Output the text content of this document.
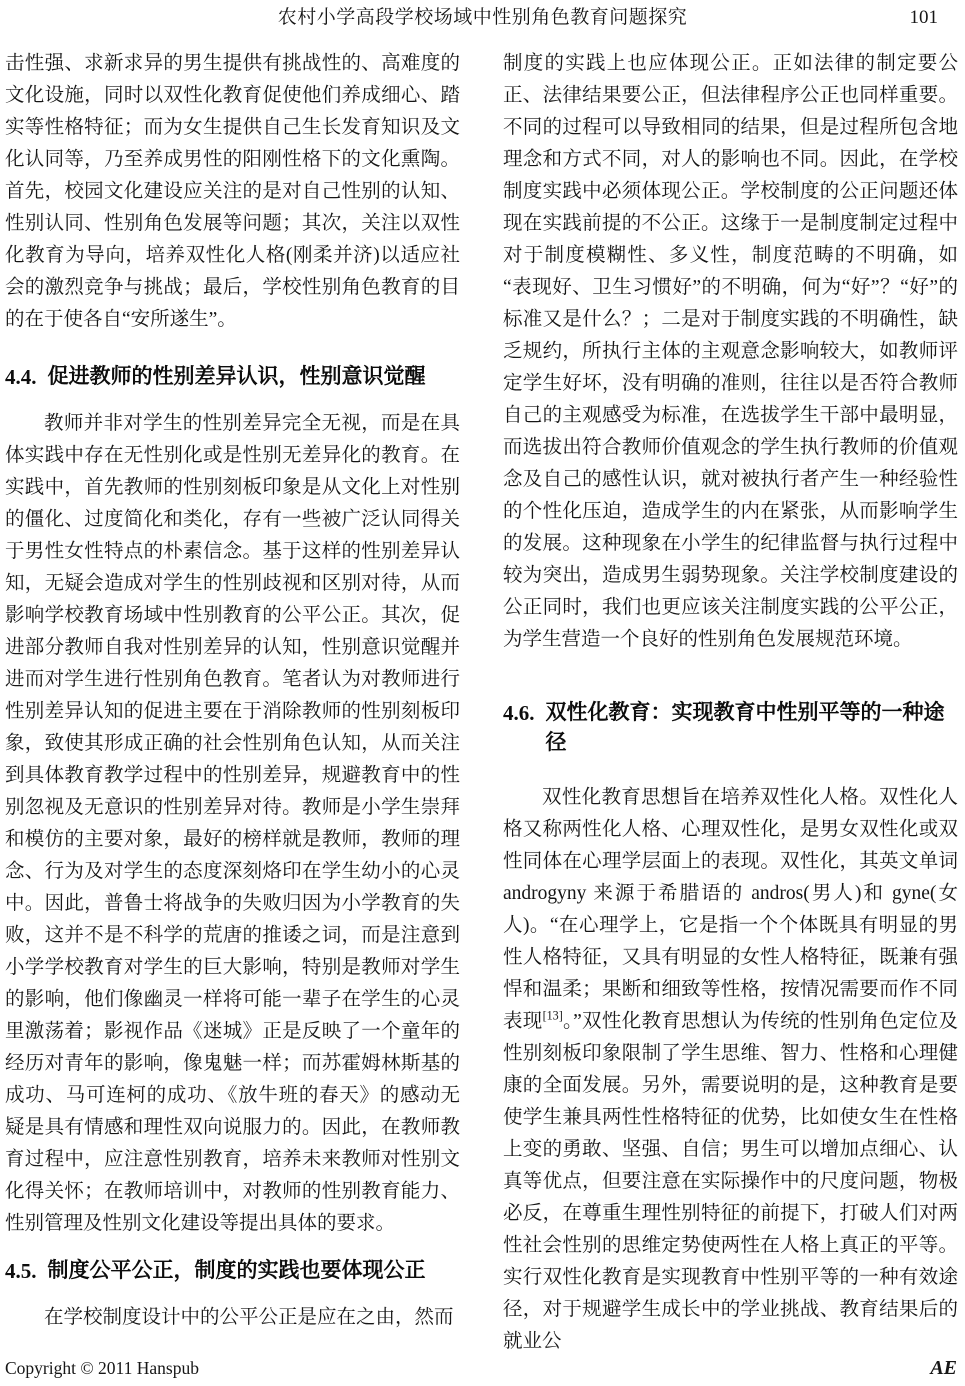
农村小学高段学校场域中性别角色教育问题探究	101

击性强、求新求异的男生提供有挑战性的、高难度的文化设施，同时以双性化教育促使他们养成细心、踏实等性格特征；而为女生提供自己生长发育知识及文化认同等，乃至养成男性的阳刚性格下的文化熏陶。首先，校园文化建设应关注的是对自己性别的认知、性别认同、性别角色发展等问题；其次，关注以双性化教育为导向，培养双性化人格(刚柔并济)以适应社会的激烈竞争与挑战；最后，学校性别角色教育的目的在于使各自“安所遂生”。

4.4. 促进教师的性别差异认识，性别意识觉醒

教师并非对学生的性别差异完全无视，而是在具体实践中存在无性别化或是性别无差异化的教育。在实践中，首先教师的性别刻板印象是从文化上对性别的僵化、过度简化和类化，存有一些被广泛认同得关于男性女性特点的朴素信念。基于这样的性别差异认知，无疑会造成对学生的性别歧视和区别对待，从而影响学校教育场域中性别教育的公平公正。其次，促进部分教师自我对性别差异的认知，性别意识觉醒并进而对学生进行性别角色教育。笔者认为对教师进行性别差异认知的促进主要在于消除教师的性别刻板印象，致使其形成正确的社会性别角色认知，从而关注到具体教育教学过程中的性别差异，规避教育中的性别忽视及无意识的性别差异对待。教师是小学生崇拜和模仿的主要对象，最好的榜样就是教师，教师的理念、行为及对学生的态度深刻烙印在学生幼小的心灵中。因此，普鲁士将战争的失败归因为小学教育的失败，这并不是不科学的荒唐的推诿之词，而是注意到小学学校教育对学生的巨大影响，特别是教师对学生的影响，他们像幽灵一样将可能一辈子在学生的心灵里激荡着；影视作品《迷城》正是反映了一个童年的经历对青年的影响，像鬼魅一样；而苏霍姆林斯基的成功、马可连柯的成功、《放牛班的春天》的感动无疑是具有情感和理性双向说服力的。因此，在教师教育过程中，应注意性别教育，培养未来教师对性别文化得关怀；在教师培训中，对教师的性别教育能力、性别管理及性别文化建设等提出具体的要求。

4.5. 制度公平公正，制度的实践也要体现公正

在学校制度设计中的公平公正是应在之由，然而

制度的实践上也应体现公正。正如法律的制定要公正、法律结果要公正，但法律程序公正也同样重要。不同的过程可以导致相同的结果，但是过程所包含地理念和方式不同，对人的影响也不同。因此，在学校制度实践中必须体现公正。学校制度的公正问题还体现在实践前提的不公正。这缘于一是制度制定过程中对于制度模糊性、多义性，制度范畴的不明确，如“表现好、卫生习惯好”的不明确，何为“好”？“好”的标准又是什么？；二是对于制度实践的不明确性，缺乏规约，所执行主体的主观意念影响较大，如教师评定学生好坏，没有明确的准则，往往以是否符合教师自己的主观感受为标准，在选拔学生干部中最明显，而选拔出符合教师价值观念的学生执行教师的价值观念及自己的感性认识，就对被执行者产生一种经验性的个性化压迫，造成学生的内在紧张，从而影响学生的发展。这种现象在小学生的纪律监督与执行过程中较为突出，造成男生弱势现象。关注学校制度建设的公正同时，我们也更应该关注制度实践的公平公正，为学生营造一个良好的性别角色发展规范环境。

4.6. 双性化教育：实现教育中性别平等的一种途径

双性化教育思想旨在培养双性化人格。双性化人格又称两性化人格、心理双性化，是男女双性化或双性同体在心理学层面上的表现。双性化，其英文单词 androgyny 来源于希腊语的 andros(男人)和 gyne(女人)。“在心理学上，它是指一个个体既具有明显的男性人格特征，又具有明显的女性人格特征，既兼有强悍和温柔；果断和细致等性格，按情况需要而作不同表现[13]。”双性化教育思想认为传统的性别角色定位及性别刻板印象限制了学生思维、智力、性格和心理健康的全面发展。另外，需要说明的是，这种教育是要使学生兼具两性性格特征的优势，比如使女生在性格上变的勇敢、坚强、自信；男生可以增加点细心、认真等优点，但要注意在实际操作中的尺度问题，物极必反，在尊重生理性别特征的前提下，打破人们对两性社会性别的思维定势使两性在人格上真正的平等。实行双性化教育是实现教育中性别平等的一种有效途径，对于规避学生成长中的学业挑战、教育结果后的就业公

Copyright © 2011 Hanspub	AE
